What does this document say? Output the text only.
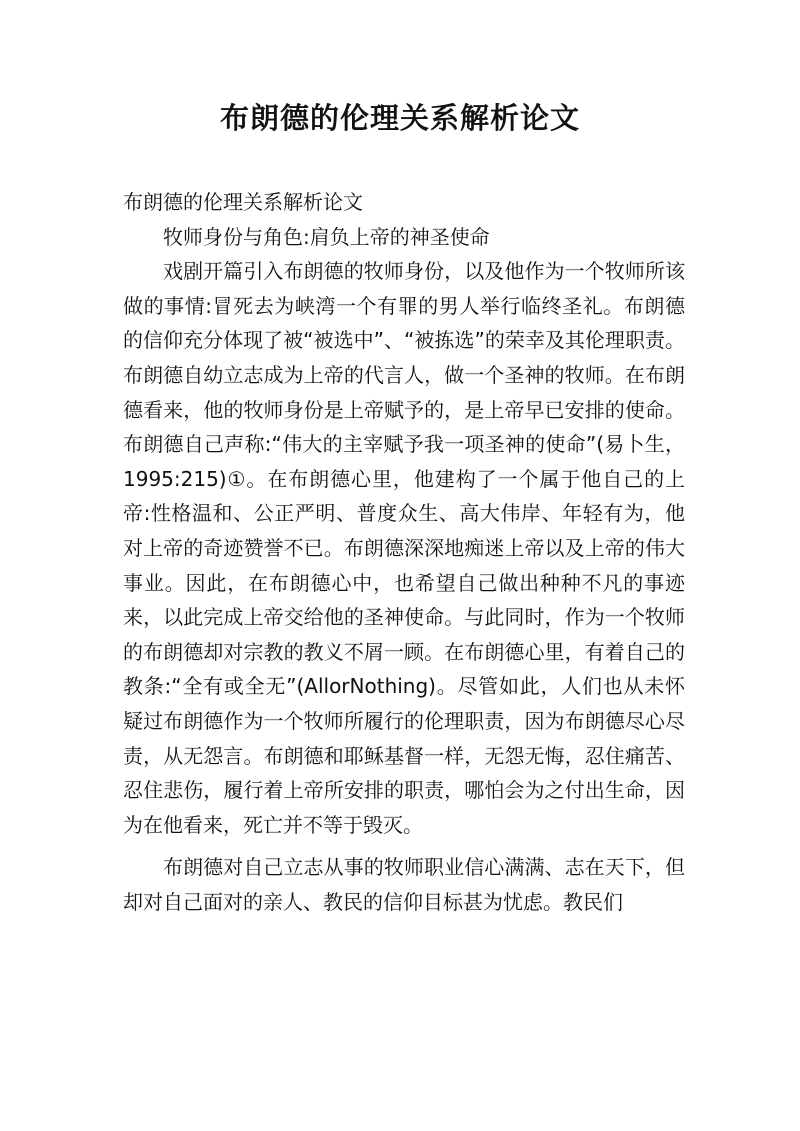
布朗德的伦理关系解析论文

布朗德的伦理关系解析论文

牧师身份与角色:肩负上帝的神圣使命

戏剧开篇引入布朗德的牧师身份，以及他作为一个牧师所该做的事情:冒死去为峡湾一个有罪的男人举行临终圣礼。布朗德的信仰充分体现了被“被选中”、“被拣选”的荣幸及其伦理职责。布朗德自幼立志成为上帝的代言人，做一个圣神的牧师。在布朗德看来，他的牧师身份是上帝赋予的，是上帝早已安排的使命。布朗德自己声称:“伟大的主宰赋予我一项圣神的使命”(易卜生，1995:215)①。在布朗德心里，他建构了一个属于他自己的上帝:性格温和、公正严明、普度众生、高大伟岸、年轻有为，他对上帝的奇迹赞誉不已。布朗德深深地痴迷上帝以及上帝的伟大事业。因此，在布朗德心中，也希望自己做出种种不凡的事迹来，以此完成上帝交给他的圣神使命。与此同时，作为一个牧师的布朗德却对宗教的教义不屑一顾。在布朗德心里，有着自己的教条:“全有或全无”(AllorNothing)。尽管如此，人们也从未怀疑过布朗德作为一个牧师所履行的伦理职责，因为布朗德尽心尽责，从无怨言。布朗德和耶稣基督一样，无怨无悔，忍住痛苦、忍住悲伤，履行着上帝所安排的职责，哪怕会为之付出生命，因为在他看来，死亡并不等于毁灭。

布朗德对自己立志从事的牧师职业信心满满、志在天下，但却对自己面对的亲人、教民的信仰目标甚为忧虑。教民们
